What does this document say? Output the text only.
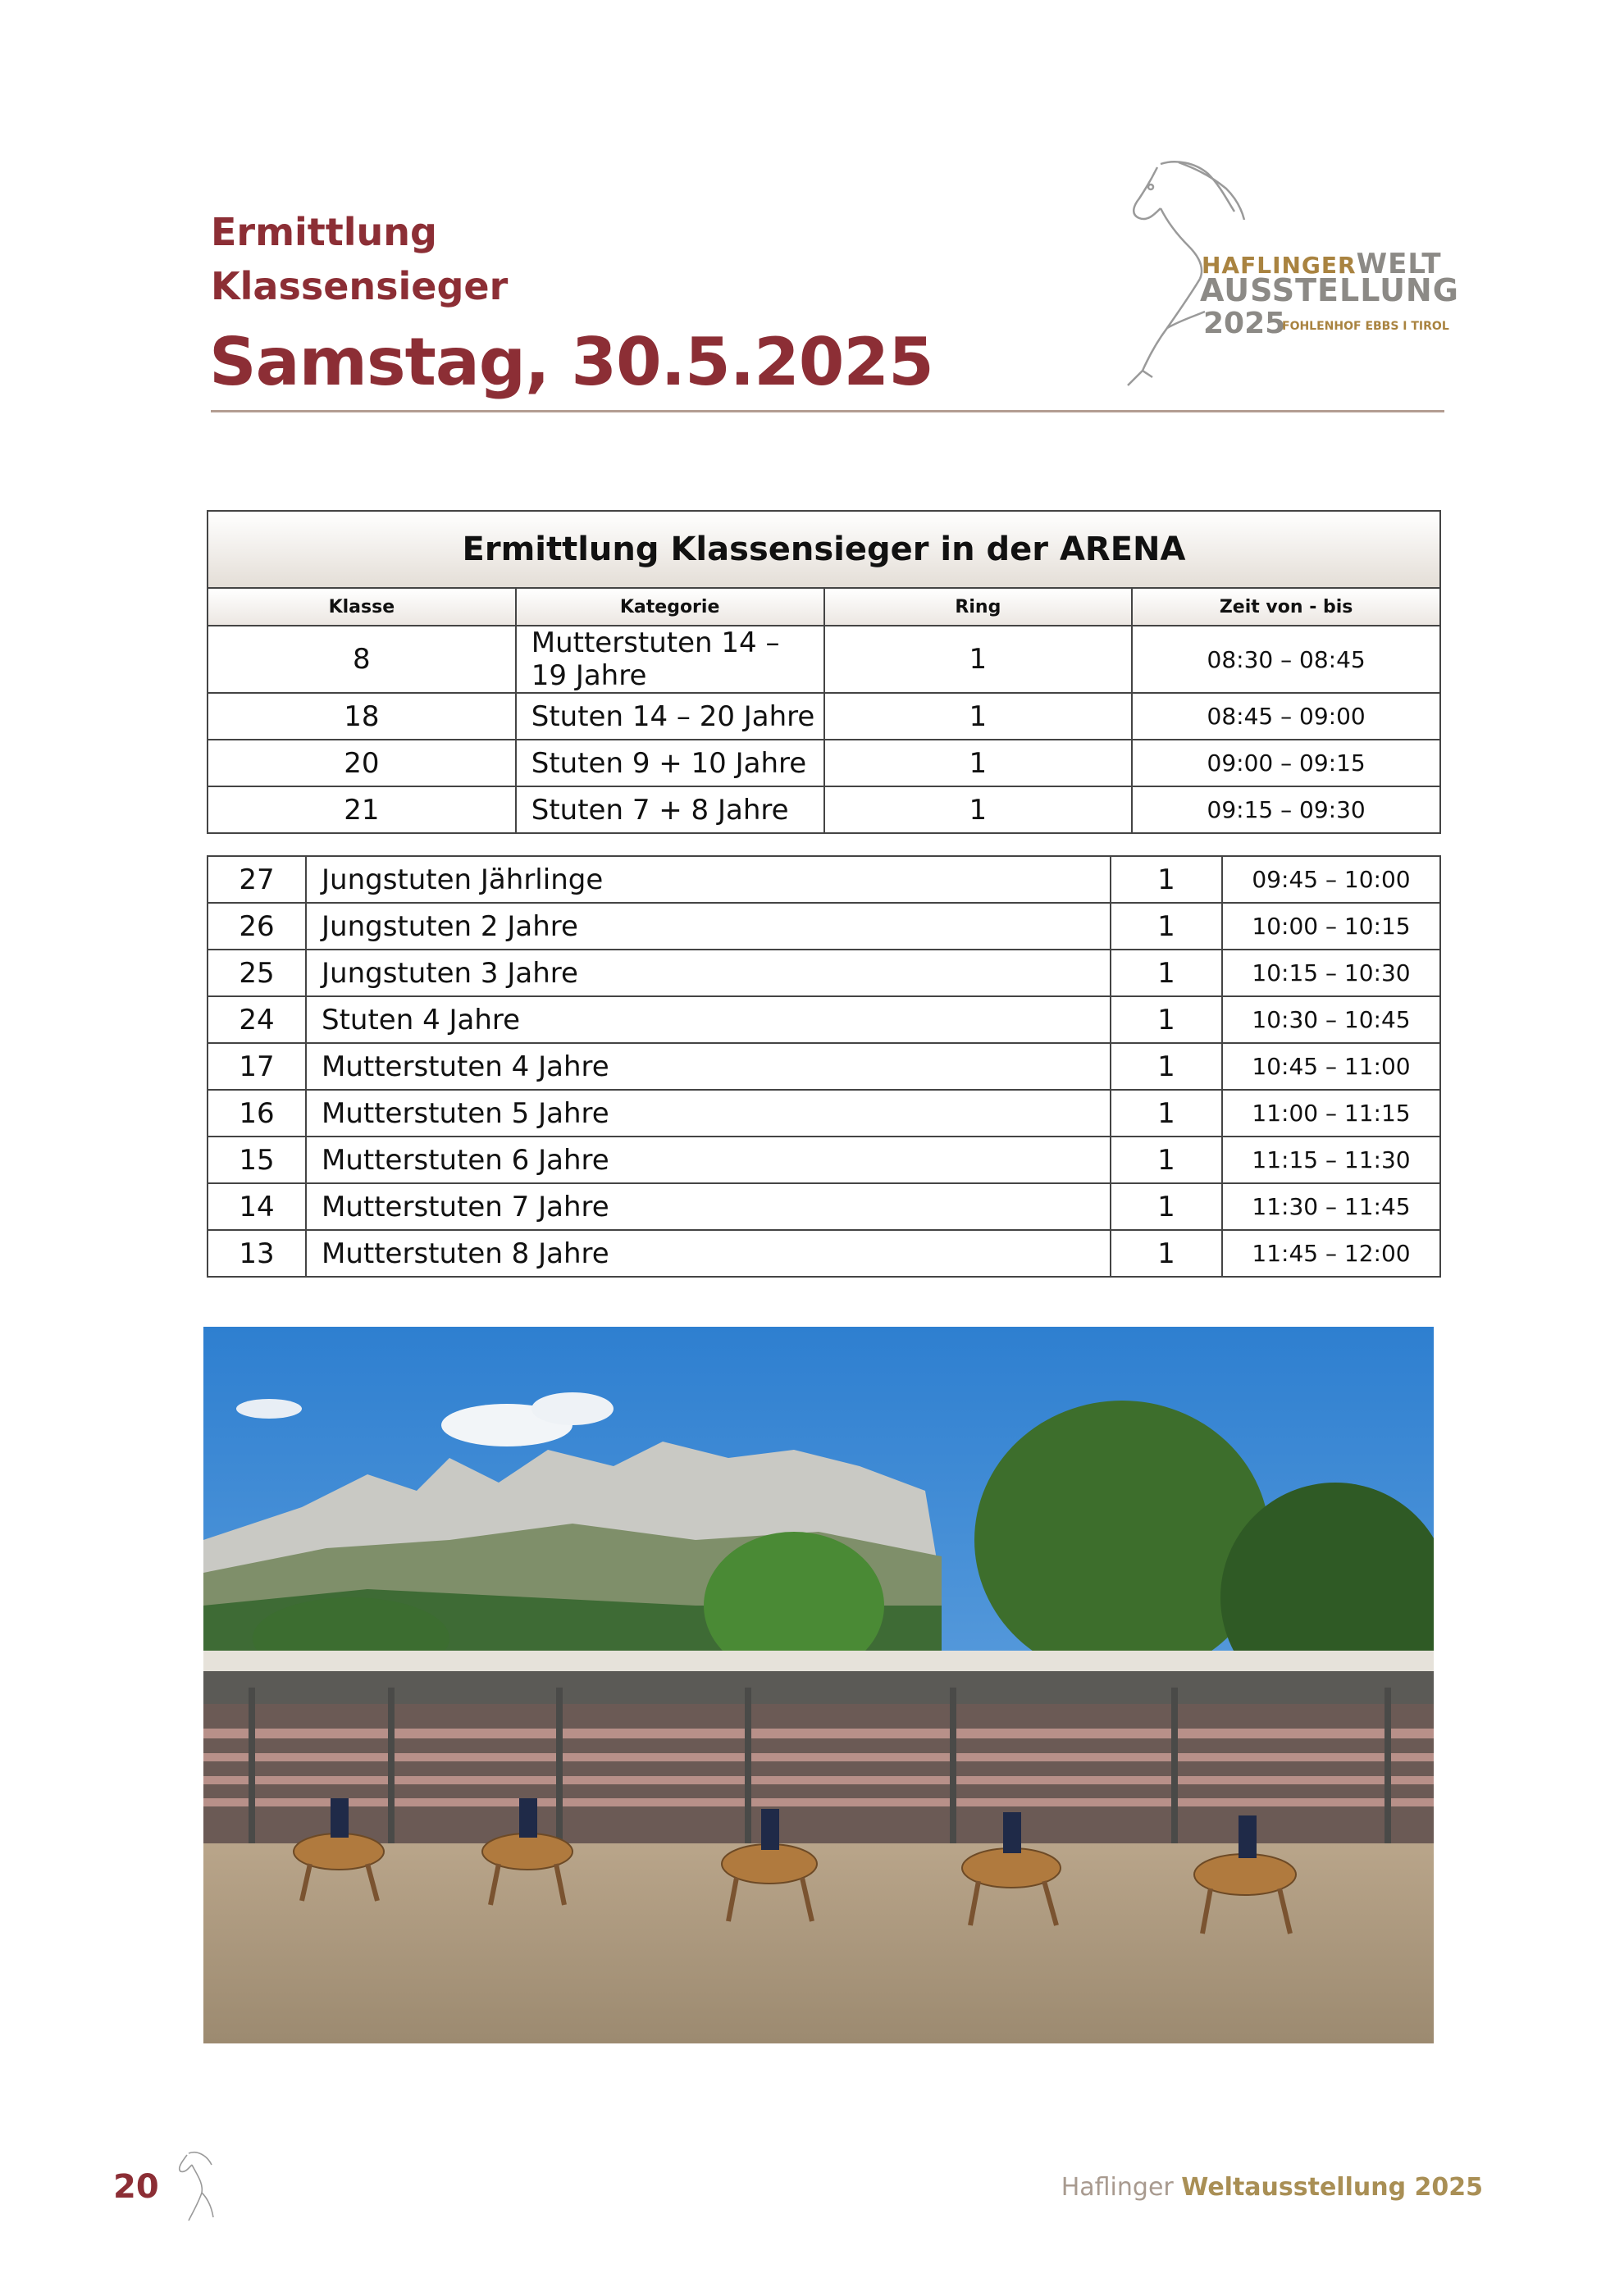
Ermittlung
Klassensieger
Samstag, 30.5.2025
HAFLINGERWELT
AUSSTELLUNG
2025
FOHLENHOF EBBS I TIROL
Ermittlung Klassensieger in der ARENA			
Klasse	Kategorie	Ring	Zeit von - bis
8	Mutterstuten 14 – 19 Jahre	1	08:30 – 08:45
18	Stuten 14 – 20 Jahre	1	08:45 – 09:00
20	Stuten 9 + 10 Jahre	1	09:00 – 09:15
21	Stuten 7 + 8 Jahre	1	09:15 – 09:30
27	Jungstuten Jährlinge	1	09:45 – 10:00
26	Jungstuten 2 Jahre	1	10:00 – 10:15
25	Jungstuten 3 Jahre	1	10:15 – 10:30
24	Stuten 4 Jahre	1	10:30 – 10:45
17	Mutterstuten 4 Jahre	1	10:45 – 11:00
16	Mutterstuten 5 Jahre	1	11:00 – 11:15
15	Mutterstuten 6 Jahre	1	11:15 – 11:30
14	Mutterstuten 7 Jahre	1	11:30 – 11:45
13	Mutterstuten 8 Jahre	1	11:45 – 12:00
20	Haflinger Weltausstellung 2025
